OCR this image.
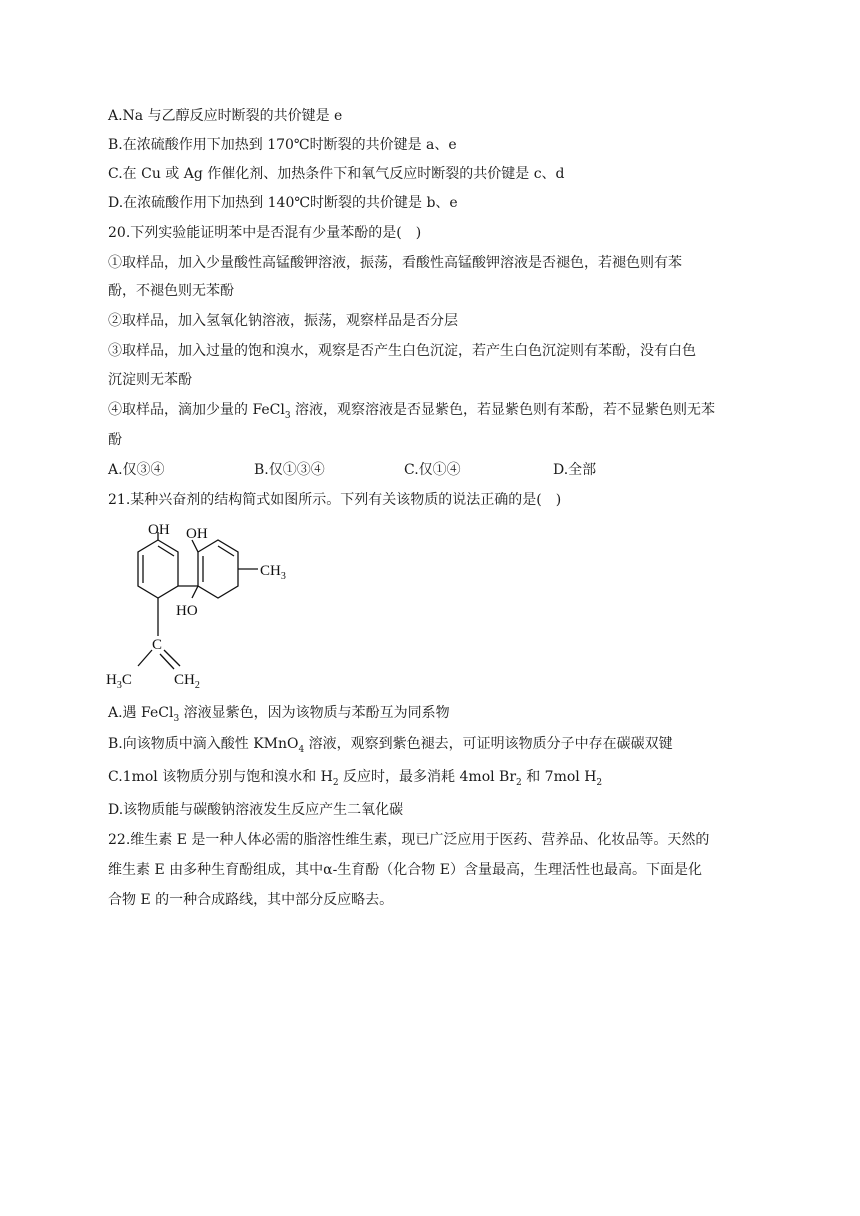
A.Na 与乙醇反应时断裂的共价键是 e
B.在浓硫酸作用下加热到 170℃时断裂的共价键是 a、e
C.在 Cu 或 Ag 作催化剂、加热条件下和氧气反应时断裂的共价键是 c、d
D.在浓硫酸作用下加热到 140℃时断裂的共价键是 b、e
20.下列实验能证明苯中是否混有少量苯酚的是(　)
①取样品，加入少量酸性高锰酸钾溶液，振荡，看酸性高锰酸钾溶液是否褪色，若褪色则有苯
酚，不褪色则无苯酚
②取样品，加入氢氧化钠溶液，振荡，观察样品是否分层
③取样品，加入过量的饱和溴水，观察是否产生白色沉淀，若产生白色沉淀则有苯酚，没有白色
沉淀则无苯酚
④取样品，滴加少量的 FeCl$_3$ 溶液，观察溶液是否显紫色，若显紫色则有苯酚，若不显紫色则无苯
酚
A.仅③④	B.仅①③④	C.仅①④	D.全部
21.某种兴奋剂的结构简式如图所示。下列有关该物质的说法正确的是(　)
OH OH
$CH_3$
HO
C
$H_3C$	$CH_2$
A.遇 FeCl$_3$ 溶液显紫色，因为该物质与苯酚互为同系物
B.向该物质中滴入酸性 KMnO$_4$ 溶液，观察到紫色褪去，可证明该物质分子中存在碳碳双键
C.1mol 该物质分别与饱和溴水和 $H_2$ 反应时，最多消耗 4mol $Br_2$ 和 7mol $H_2$
D.该物质能与碳酸钠溶液发生反应产生二氧化碳
22.维生素 E 是一种人体必需的脂溶性维生素，现已广泛应用于医药、营养品、化妆品等。天然的
维生素 E 由多种生育酚组成，其中α-生育酚（化合物 E）含量最高，生理活性也最高。下面是化
合物 E 的一种合成路线，其中部分反应略去。
